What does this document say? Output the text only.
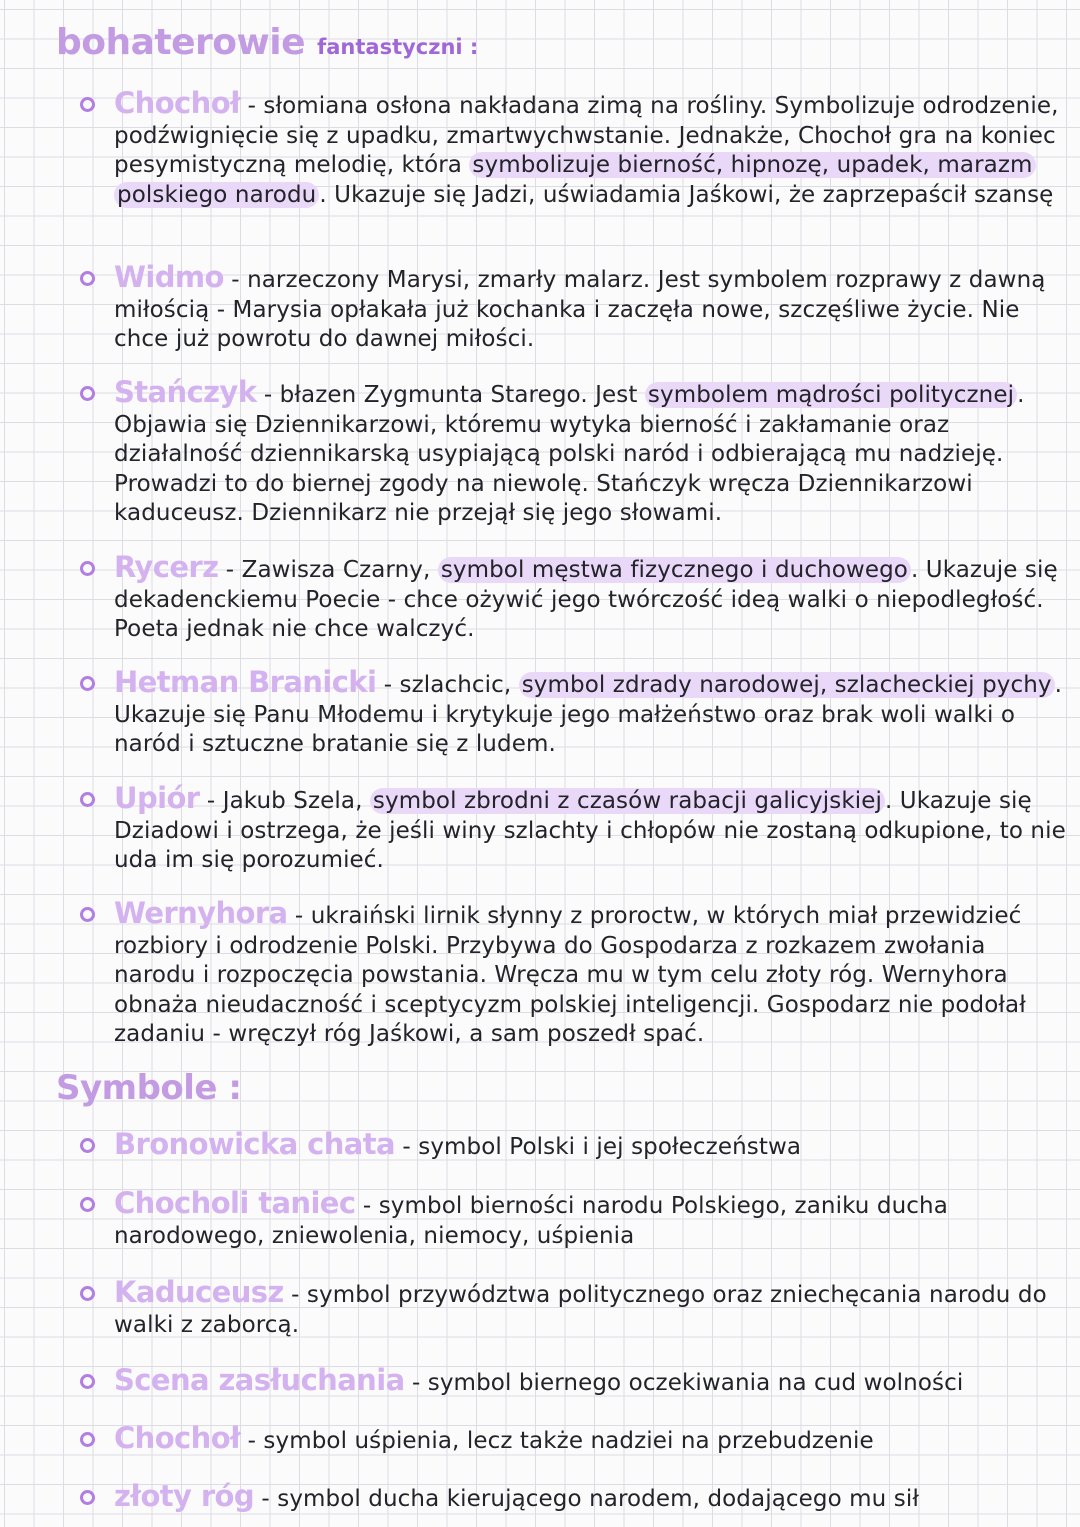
bohaterowie fantastyczni :

Chochoł - słomiana osłona nakładana zimą na rośliny. Symbolizuje odrodzenie, podźwignięcie się z upadku, zmartwychwstanie. Jednakże, Chochoł gra na koniec pesymistyczną melodię, która symbolizuje bierność, hipnozę, upadek, marazm polskiego narodu . Ukazuje się Jadzi, uświadamia Jaśkowi, że zaprzepaścił szansę

Widmo - narzeczony Marysi, zmarły malarz. Jest symbolem rozprawy z dawną miłością - Marysia opłakała już kochanka i zaczęła nowe, szczęśliwe życie. Nie chce już powrotu do dawnej miłości.

Stańczyk - błazen Zygmunta Starego. Jest symbolem mądrości politycznej . Objawia się Dziennikarzowi, któremu wytyka bierność i zakłamanie oraz działalność dziennikarską usypiającą polski naród i odbierającą mu nadzieję. Prowadzi to do biernej zgody na niewolę. Stańczyk wręcza Dziennikarzowi kaduceusz. Dziennikarz nie przejął się jego słowami.

Rycerz - Zawisza Czarny, symbol męstwa fizycznego i duchowego . Ukazuje się dekadenckiemu Poecie - chce ożywić jego twórczość ideą walki o niepodległość. Poeta jednak nie chce walczyć.

Hetman Branicki - szlachcic, symbol zdrady narodowej, szlacheckiej pychy . Ukazuje się Panu Młodemu i krytykuje jego małżeństwo oraz brak woli walki o naród i sztuczne bratanie się z ludem.

Upiór - Jakub Szela, symbol zbrodni z czasów rabacji galicyjskiej . Ukazuje się Dziadowi i ostrzega, że jeśli winy szlachty i chłopów nie zostaną odkupione, to nie uda im się porozumieć.

Wernyhora - ukraiński lirnik słynny z proroctw, w których miał przewidzieć rozbiory i odrodzenie Polski. Przybywa do Gospodarza z rozkazem zwołania narodu i rozpoczęcia powstania. Wręcza mu w tym celu złoty róg. Wernyhora obnaża nieudaczność i sceptycyzm polskiej inteligencji. Gospodarz nie podołał zadaniu - wręczył róg Jaśkowi, a sam poszedł spać.

Symbole :

Bronowicka chata - symbol Polski i jej społeczeństwa

Chocholi taniec - symbol bierności narodu Polskiego, zaniku ducha narodowego, zniewolenia, niemocy, uśpienia

Kaduceusz - symbol przywództwa politycznego oraz zniechęcania narodu do walki z zaborcą.

Scena zasłuchania - symbol biernego oczekiwania na cud wolności

Chochoł - symbol uśpienia, lecz także nadziei na przebudzenie

złoty róg - symbol ducha kierującego narodem, dodającego mu sił
